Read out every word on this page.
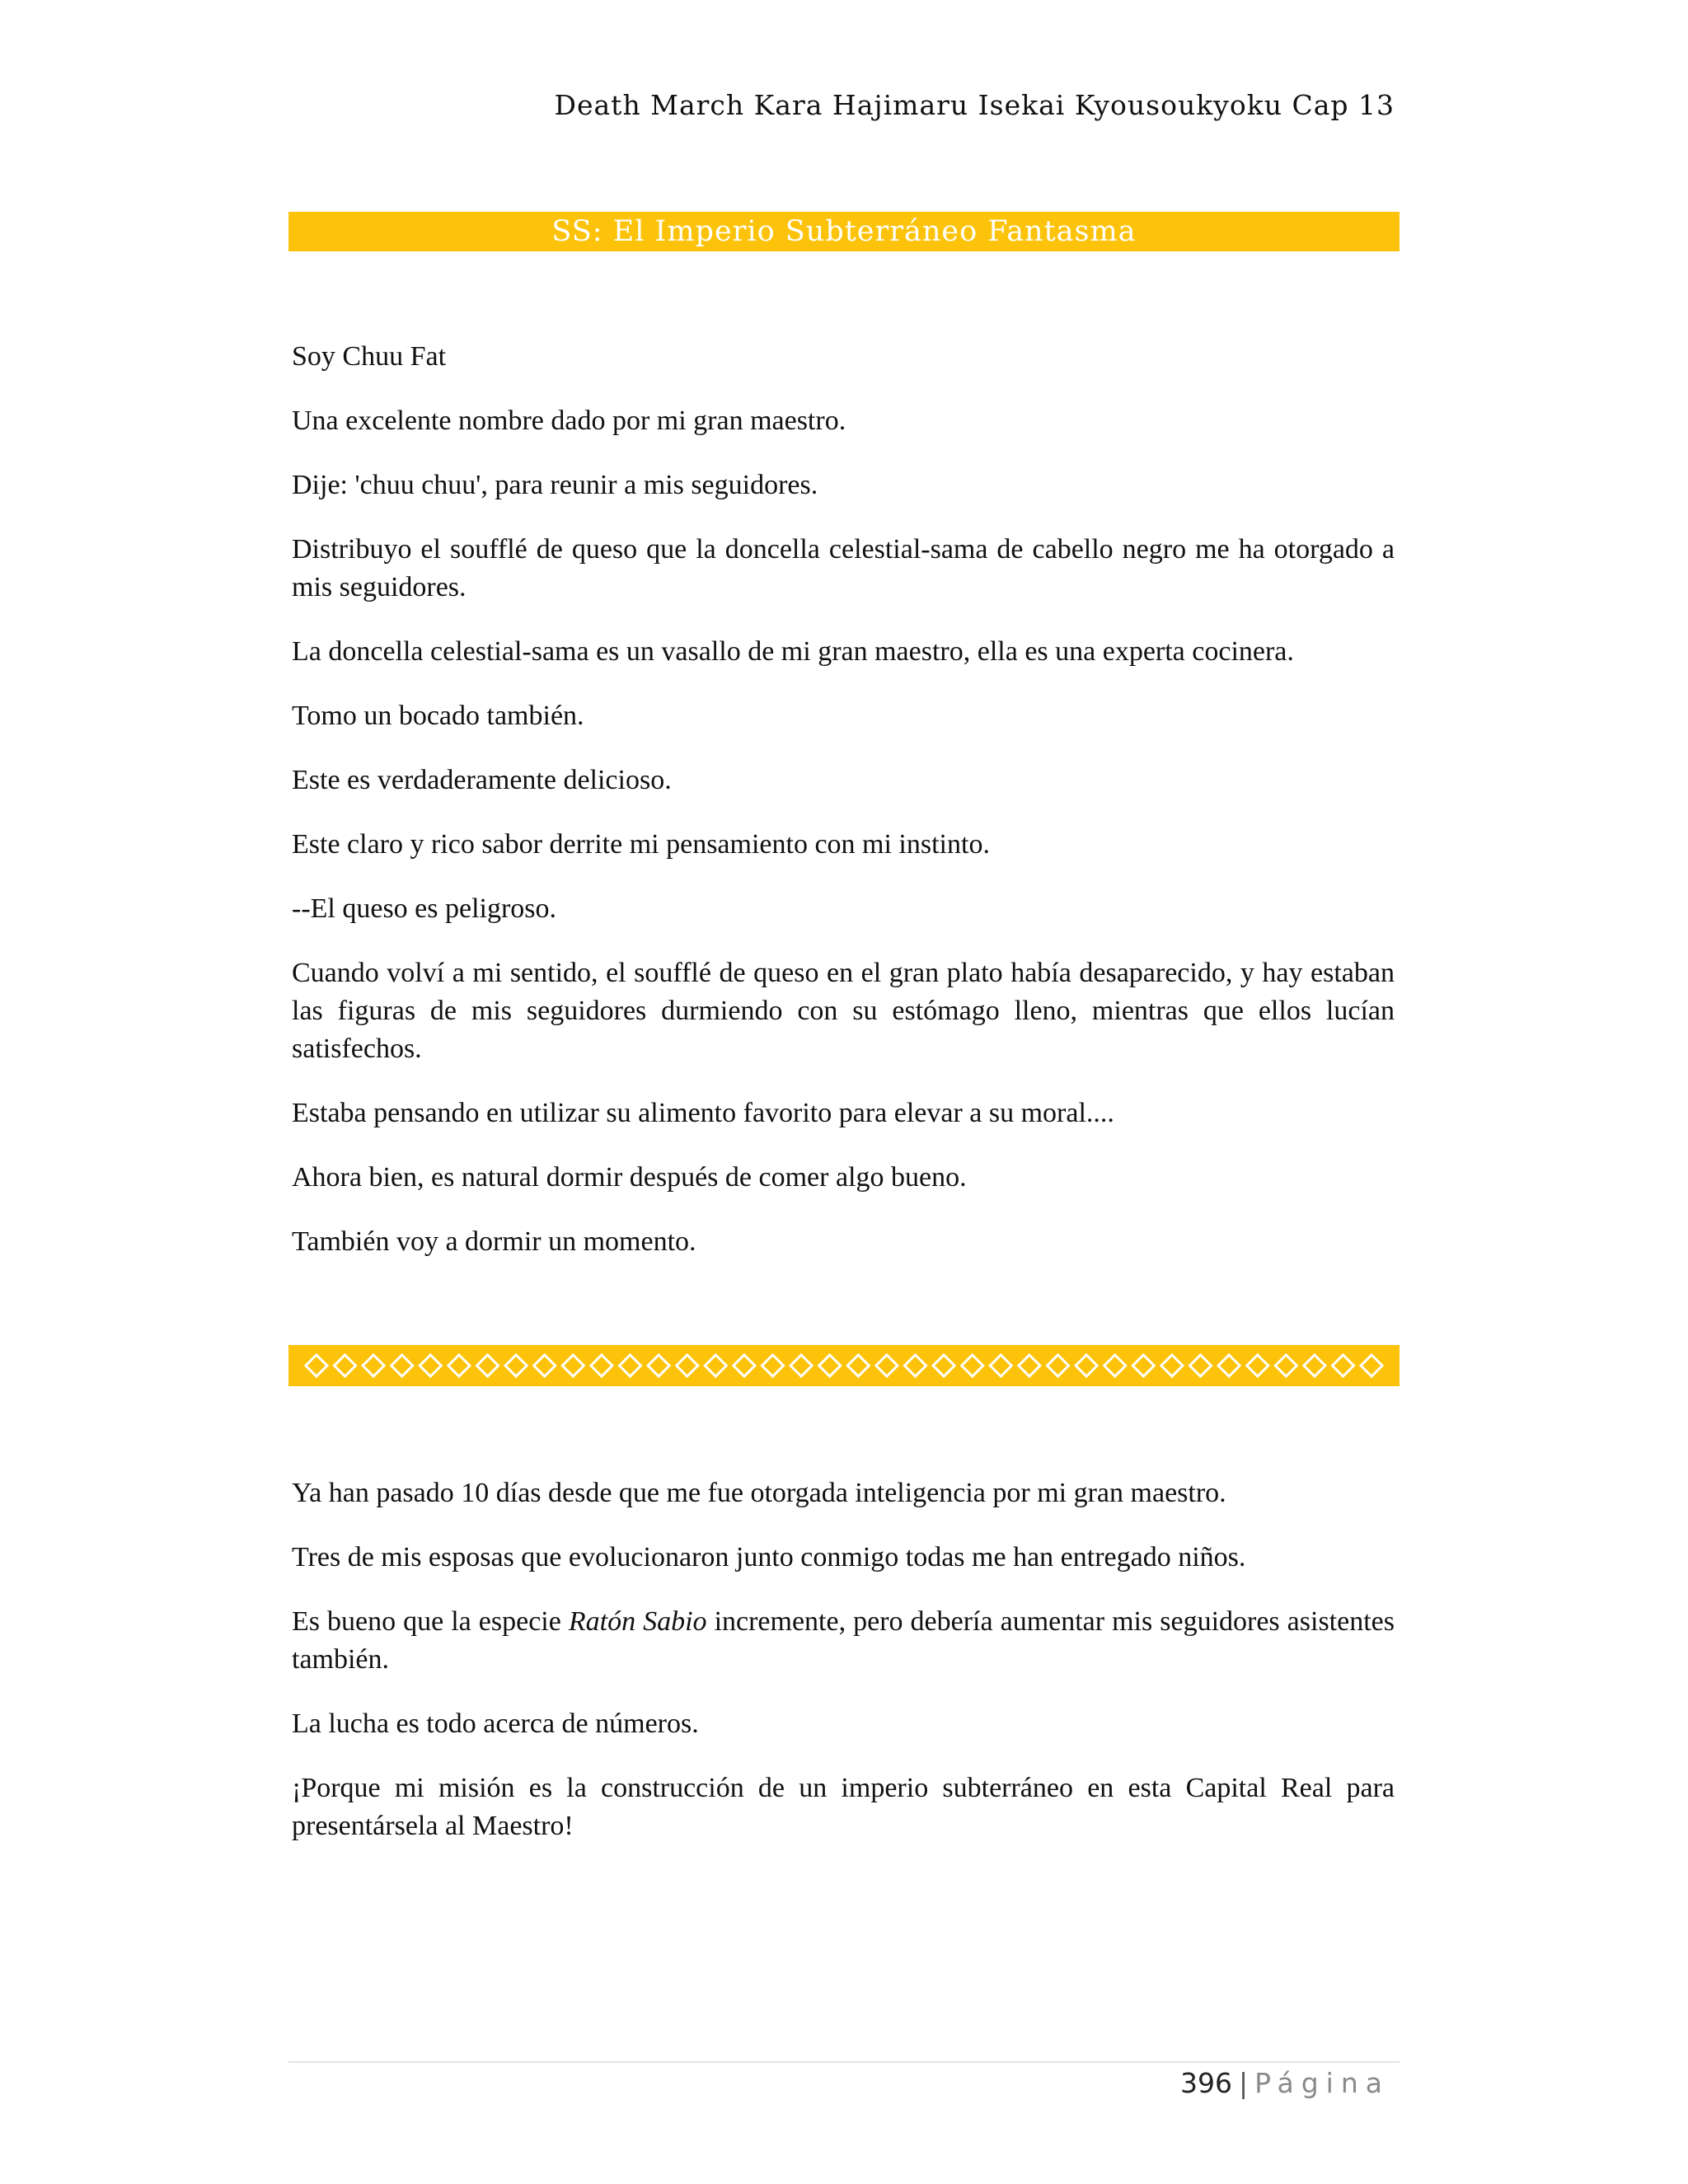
Death March Kara Hajimaru Isekai Kyousoukyoku Cap 13
SS: El Imperio Subterráneo Fantasma

Soy Chuu Fat

Una excelente nombre dado por mi gran maestro.

Dije: 'chuu chuu', para reunir a mis seguidores.

Distribuyo el soufflé de queso que la doncella celestial-sama de cabello negro me ha otorgado a mis seguidores.

La doncella celestial-sama es un vasallo de mi gran maestro, ella es una experta cocinera.

Tomo un bocado también.

Este es verdaderamente delicioso.

Este claro y rico sabor derrite mi pensamiento con mi instinto.

--El queso es peligroso.

Cuando volví a mi sentido, el soufflé de queso en el gran plato había desaparecido, y hay estaban las figuras de mis seguidores durmiendo con su estómago lleno, mientras que ellos lucían satisfechos.

Estaba pensando en utilizar su alimento favorito para elevar a su moral....

Ahora bien, es natural dormir después de comer algo bueno.

También voy a dormir un momento.

Ya han pasado 10 días desde que me fue otorgada inteligencia por mi gran maestro.

Tres de mis esposas que evolucionaron junto conmigo todas me han entregado niños.

Es bueno que la especie Ratón Sabio incremente, pero debería aumentar mis seguidores asistentes también.

La lucha es todo acerca de números.

¡Porque mi misión es la construcción de un imperio subterráneo en esta Capital Real para presentársela al Maestro!

396 | Página
